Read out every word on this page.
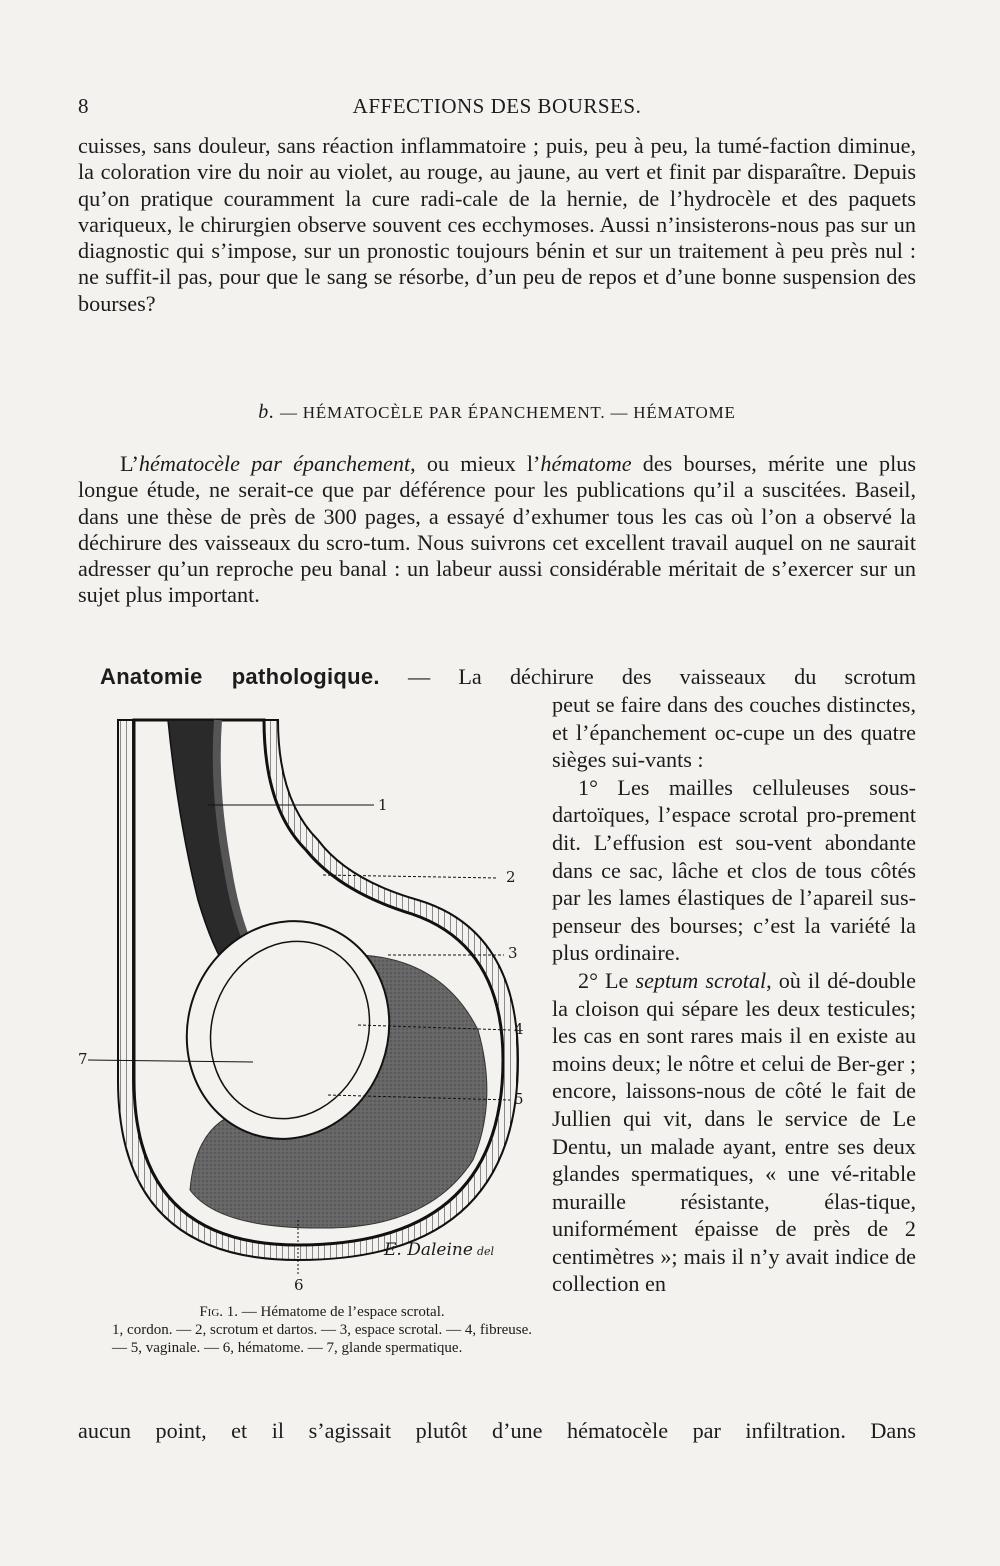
8	AFFECTIONS DES BOURSES.

cuisses, sans douleur, sans réaction inflammatoire ; puis, peu à peu, la tumé-faction diminue, la coloration vire du noir au violet, au rouge, au jaune, au vert et finit par disparaître. Depuis qu’on pratique couramment la cure radi-cale de la hernie, de l’hydrocèle et des paquets variqueux, le chirurgien observe souvent ces ecchymoses. Aussi n’insisterons-nous pas sur un diagnostic qui s’impose, sur un pronostic toujours bénin et sur un traitement à peu près nul : ne suffit-il pas, pour que le sang se résorbe, d’un peu de repos et d’une bonne suspension des bourses?

b. — HÉMATOCÈLE PAR ÉPANCHEMENT. — HÉMATOME

L’hématocèle par épanchement, ou mieux l’hématome des bourses, mérite une plus longue étude, ne serait-ce que par déférence pour les publications qu’il a suscitées. Baseil, dans une thèse de près de 300 pages, a essayé d’exhumer tous les cas où l’on a observé la déchirure des vaisseaux du scro-tum. Nous suivrons cet excellent travail auquel on ne saurait adresser qu’un reproche peu banal : un labeur aussi considérable méritait de s’exercer sur un sujet plus important.

Anatomie pathologique. — La déchirure des vaisseaux du scrotum

peut se faire dans des couches distinctes, et l’épanchement oc-cupe un des quatre sièges sui-vants :

1° Les mailles celluleuses sous-dartoïques, l’espace scrotal pro-prement dit. L’effusion est sou-vent abondante dans ce sac, lâche et clos de tous côtés par les lames élastiques de l’apareil sus-penseur des bourses; c’est la variété la plus ordinaire.

2° Le septum scrotal, où il dé-double la cloison qui sépare les deux testicules; les cas en sont rares mais il en existe au moins deux; le nôtre et celui de Ber-ger ; encore, laissons-nous de côté le fait de Jullien qui vit, dans le service de Le Dentu, un malade ayant, entre ses deux glandes spermatiques, « une vé-ritable muraille résistante, élas-tique, uniformément épaisse de près de 2 centimètres »; mais il n’y avait indice de collection en

1
2
3
4
5
6
7
E. Daleine del

Fig. 1. — Hématome de l’espace scrotal.
1, cordon. — 2, scrotum et dartos. — 3, espace scrotal. — 4, fibreuse. — 5, vaginale. — 6, hématome. — 7, glande spermatique.

aucun point, et il s’agissait plutôt d’une hématocèle par infiltration. Dans
